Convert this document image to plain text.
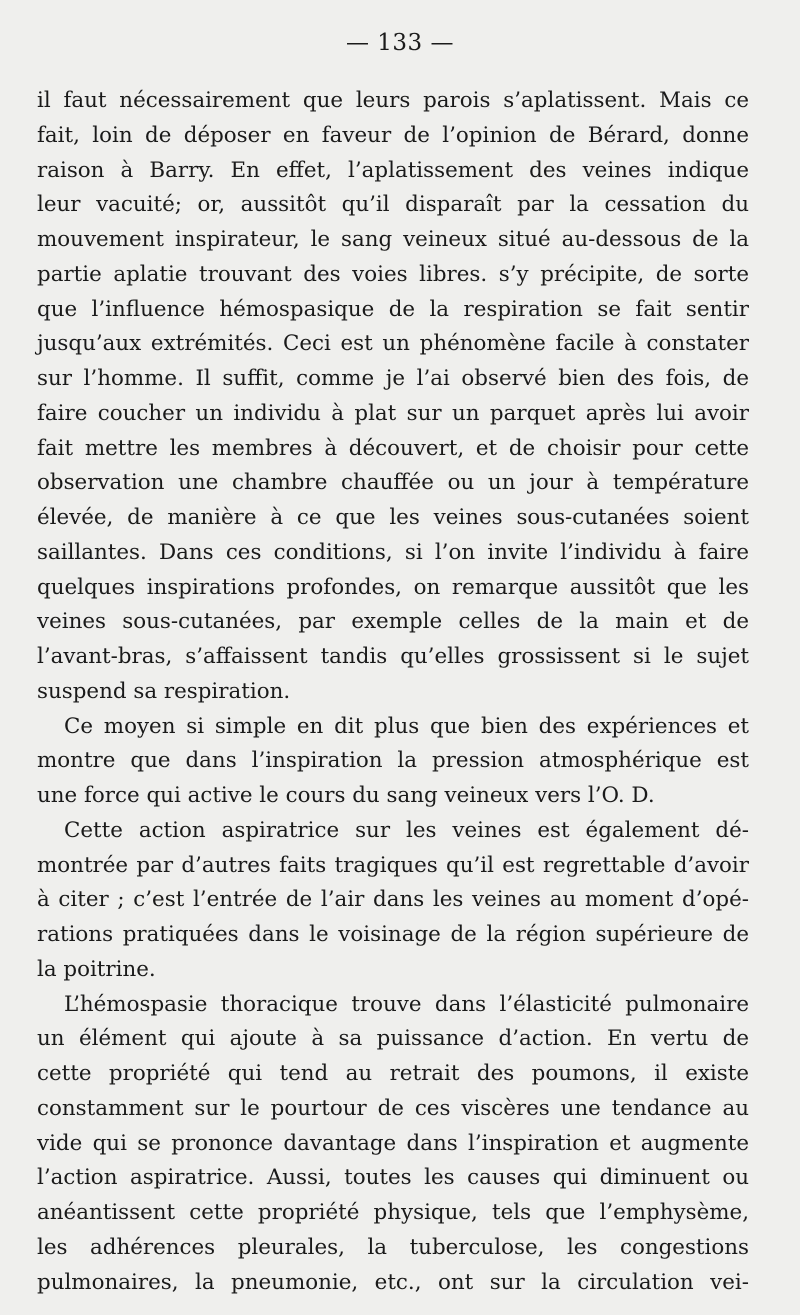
— 133 —

il faut nécessairement que leurs parois s’aplatissent. Mais ce
fait, loin de déposer en faveur de l’opinion de Bérard, donne
raison à Barry. En effet, l’aplatissement des veines indique
leur vacuité; or, aussitôt qu’il disparaît par la cessation du
mouvement inspirateur, le sang veineux situé au-dessous de la
partie aplatie trouvant des voies libres. s’y précipite, de sorte
que l’influence hémospasique de la respiration se fait sentir
jusqu’aux extrémités. Ceci est un phénomène facile à constater
sur l’homme. Il suffit, comme je l’ai observé bien des fois, de
faire coucher un individu à plat sur un parquet après lui avoir
fait mettre les membres à découvert, et de choisir pour cette
observation une chambre chauffée ou un jour à température
élevée, de manière à ce que les veines sous-cutanées soient
saillantes. Dans ces conditions, si l’on invite l’individu à faire
quelques inspirations profondes, on remarque aussitôt que les
veines sous-cutanées, par exemple celles de la main et de
l’avant-bras, s’affaissent tandis qu’elles grossissent si le sujet
suspend sa respiration.

Ce moyen si simple en dit plus que bien des expériences et
montre que dans l’inspiration la pression atmosphérique est
une force qui active le cours du sang veineux vers l’O. D.

Cette action aspiratrice sur les veines est également dé-
montrée par d’autres faits tragiques qu’il est regrettable d’avoir
à citer ; c’est l’entrée de l’air dans les veines au moment d’opé-
rations pratiquées dans le voisinage de la région supérieure de
la poitrine.

L’hémospasie thoracique trouve dans l’élasticité pulmonaire
un élément qui ajoute à sa puissance d’action. En vertu de
cette propriété qui tend au retrait des poumons, il existe
constamment sur le pourtour de ces viscères une tendance au
vide qui se prononce davantage dans l’inspiration et augmente
l’action aspiratrice. Aussi, toutes les causes qui diminuent ou
anéantissent cette propriété physique, tels que l’emphysème,
les adhérences pleurales, la tuberculose, les congestions
pulmonaires, la pneumonie, etc., ont sur la circulation vei-
